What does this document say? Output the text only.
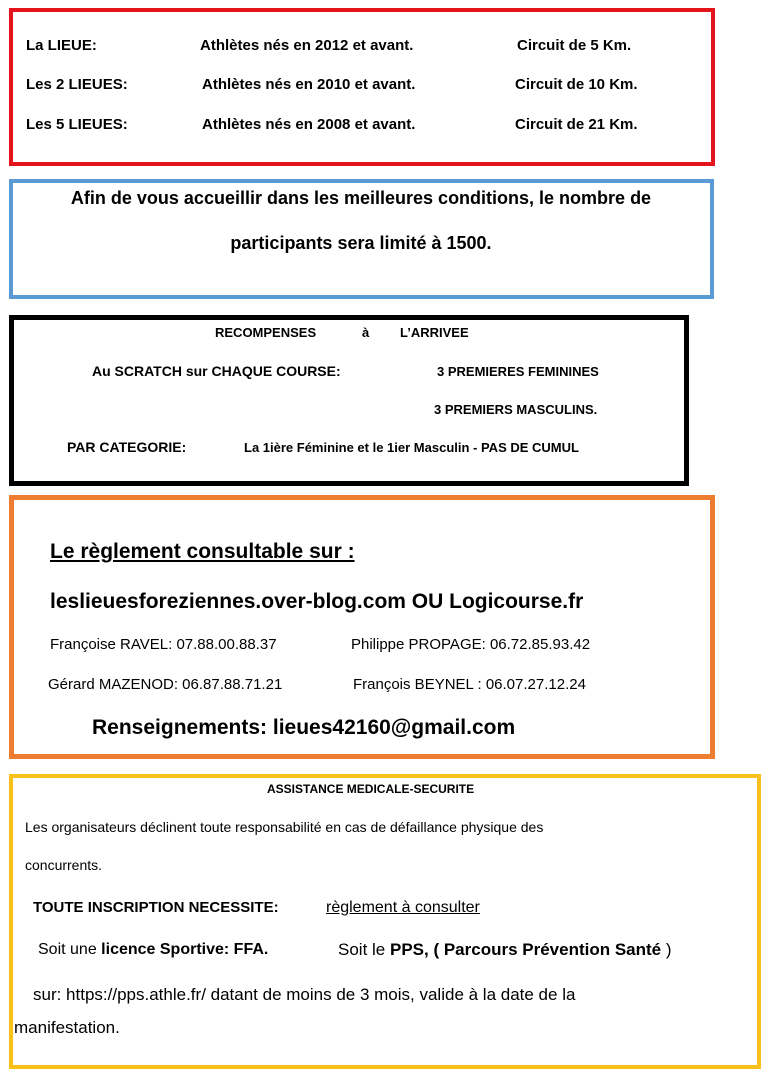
La LIEUE:	Athlètes nés en 2012 et avant.	Circuit de 5 Km.
Les 2 LIEUES:	Athlètes nés en 2010 et avant.	Circuit de 10 Km.
Les 5 LIEUES:	Athlètes nés en 2008 et avant.	Circuit de 21 Km.
Afin de vous accueillir dans les meilleures conditions, le nombre de
participants sera limité à 1500.
RECOMPENSES	à L’ARRIVEE
Au SCRATCH sur CHAQUE COURSE:	3 PREMIERES FEMININES
3 PREMIERS MASCULINS.
PAR CATEGORIE:	La 1ière Féminine et le 1ier Masculin - PAS DE CUMUL
Le règlement consultable sur :
leslieuesforeziennes.over-blog.com OU Logicourse.fr
Françoise RAVEL: 07.88.00.88.37	Philippe PROPAGE: 06.72.85.93.42
Gérard MAZENOD: 06.87.88.71.21	François BEYNEL : 06.07.27.12.24
Renseignements: lieues42160@gmail.com
ASSISTANCE MEDICALE-SECURITE
Les organisateurs déclinent toute responsabilité en cas de défaillance physique des
concurrents.
TOUTE INSCRIPTION NECESSITE:	règlement à consulter
Soit une licence Sportive: FFA.	Soit le PPS, ( Parcours Prévention Santé )
sur: https://pps.athle.fr/ datant de moins de 3 mois, valide à la date de la
manifestation.
